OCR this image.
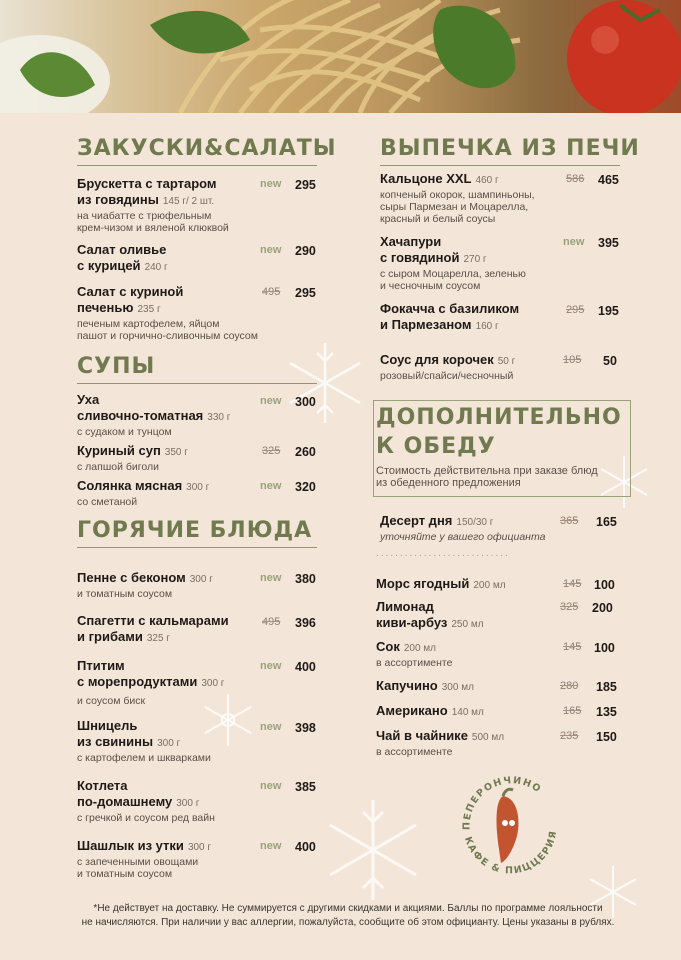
ЗАКУСКИ&САЛАТЫ
Брускетта с тартаром
из говядины 145 г/ 2 шт.
на чиабатте с трюфельным
крем-чизом и вяленой клюквой
new 295
Салат оливье
с курицей 240 г
new 290
Салат с куриной
печенью 235 г
печеным картофелем, яйцом
пашот и горчично-сливочным соусом
495 295
СУПЫ
Уха
сливочно-томатная 330 г
с судаком и тунцом
new 300
Куриный суп 350 г
с лапшой биголи
325 260
Солянка мясная 300 г
со сметаной
new 320
ГОРЯЧИЕ БЛЮДА
Пенне с беконом 300 г
и томатным соусом
new 380
Спагетти с кальмарами
и грибами 325 г
495 396
Птитим
с морепродуктами 300 г
и соусом биск
new 400
Шницель
из свинины 300 г
с картофелем и шкварками
new 398
Котлета
по-домашнему 300 г
с гречкой и соусом ред вайн
new 385
Шашлык из утки 300 г
с запеченными овощами
и томатным соусом
new 400
ВЫПЕЧКА ИЗ ПЕЧИ
Кальцоне XXL 460 г
копченый окорок, шампиньоны,
сыры Пармезан и Моцарелла,
красный и белый соусы
586 465
Хачапури
с говядиной 270 г
с сыром Моцарелла, зеленью
и чесночным соусом
new 395
Фокачча с базиликом
и Пармезаном 160 г
295 195
Соус для корочек 50 г
розовый/спайси/чесночный
105 50
ДОПОЛНИТЕЛЬНО
К ОБЕДУ
Стоимость действительна при заказе блюд
из обеденного предложения
Десерт дня 150/30 г
уточняйте у вашего официанта
365 165
............................
Морс ягодный 200 мл	145 100
Лимонад
киви-арбуз 250 мл
325 200
Сок 200 мл
в ассортименте
145 100
Капучино 300 мл	280 185
Американо 140 мл	165 135
Чай в чайнике 500 мл
в ассортименте
235 150
ПЕПЕРОНЧИНО
КАФЕ & ПИЦЦЕРИЯ
*Не действует на доставку. Не суммируется с другими скидками и акциями. Баллы по программе лояльности
не начисляются. При наличии у вас аллергии, пожалуйста, сообщите об этом официанту. Цены указаны в рублях.
